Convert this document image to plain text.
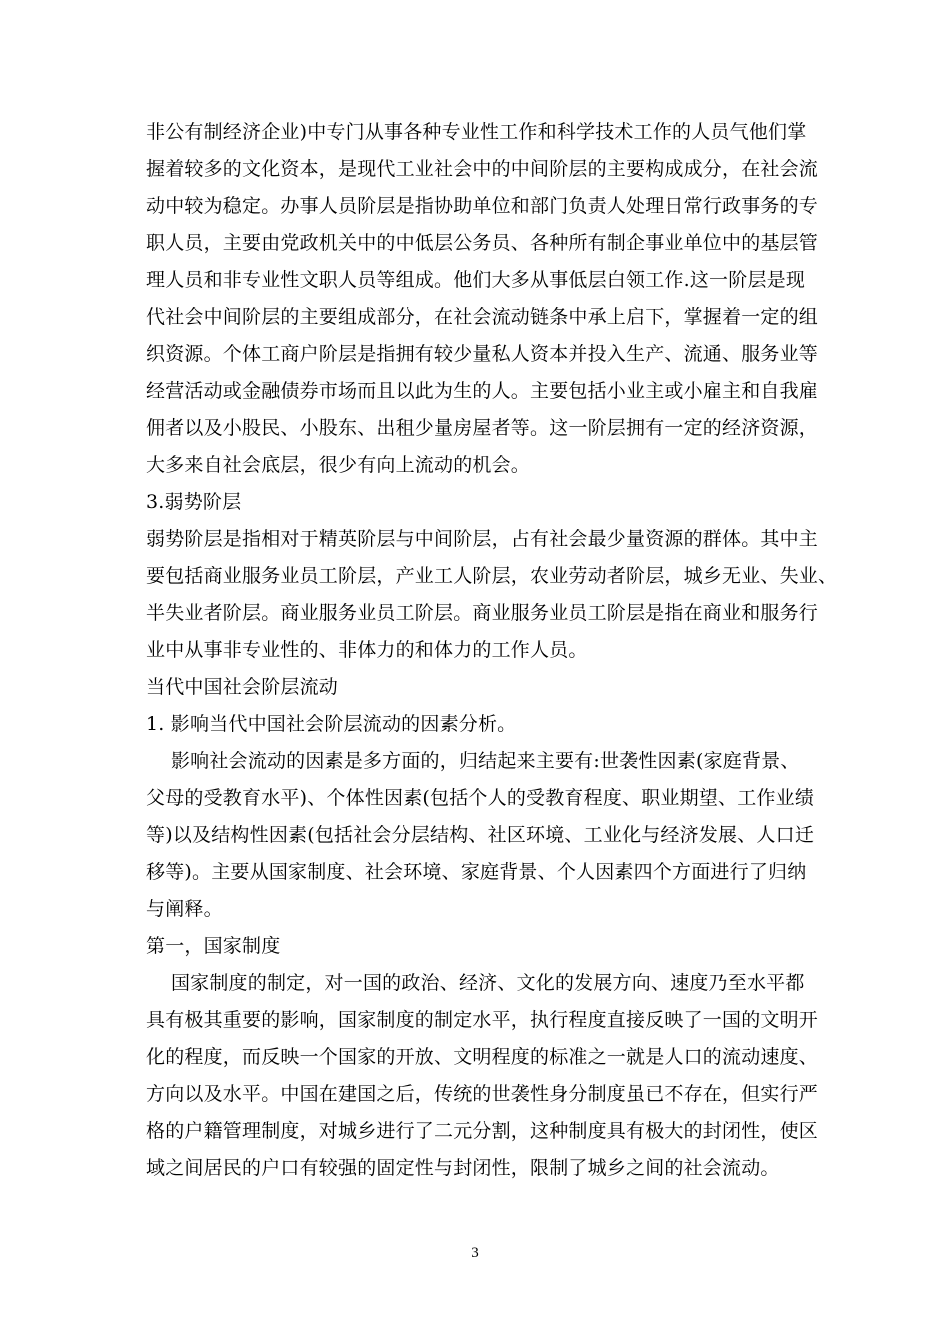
非公有制经济企业)中专门从事各种专业性工作和科学技术工作的人员气他们掌
握着较多的文化资本，是现代工业社会中的中间阶层的主要构成成分，在社会流
动中较为稳定。办事人员阶层是指协助单位和部门负责人处理日常行政事务的专
职人员，主要由党政机关中的中低层公务员、各种所有制企事业单位中的基层管
理人员和非专业性文职人员等组成。他们大多从事低层白领工作.这一阶层是现
代社会中间阶层的主要组成部分，在社会流动链条中承上启下，掌握着一定的组
织资源。个体工商户阶层是指拥有较少量私人资本并投入生产、流通、服务业等
经营活动或金融债券市场而且以此为生的人。主要包括小业主或小雇主和自我雇
佣者以及小股民、小股东、出租少量房屋者等。这一阶层拥有一定的经济资源，
大多来自社会底层，很少有向上流动的机会。
3.弱势阶层
弱势阶层是指相对于精英阶层与中间阶层，占有社会最少量资源的群体。其中主
要包括商业服务业员工阶层，产业工人阶层，农业劳动者阶层，城乡无业、失业、
半失业者阶层。商业服务业员工阶层。商业服务业员工阶层是指在商业和服务行
业中从事非专业性的、非体力的和体力的工作人员。
当代中国社会阶层流动
1. 影响当代中国社会阶层流动的因素分析。
影响社会流动的因素是多方面的，归结起来主要有:世袭性因素(家庭背景、
父母的受教育水平)、个体性因素(包括个人的受教育程度、职业期望、工作业绩
等)以及结构性因素(包括社会分层结构、社区环境、工业化与经济发展、人口迁
移等)。主要从国家制度、社会环境、家庭背景、个人因素四个方面进行了归纳
与阐释。
第一，国家制度
国家制度的制定，对一国的政治、经济、文化的发展方向、速度乃至水平都
具有极其重要的影响，国家制度的制定水平，执行程度直接反映了一国的文明开
化的程度，而反映一个国家的开放、文明程度的标准之一就是人口的流动速度、
方向以及水平。中国在建国之后，传统的世袭性身分制度虽已不存在，但实行严
格的户籍管理制度，对城乡进行了二元分割，这种制度具有极大的封闭性，使区
域之间居民的户口有较强的固定性与封闭性，限制了城乡之间的社会流动。
3
